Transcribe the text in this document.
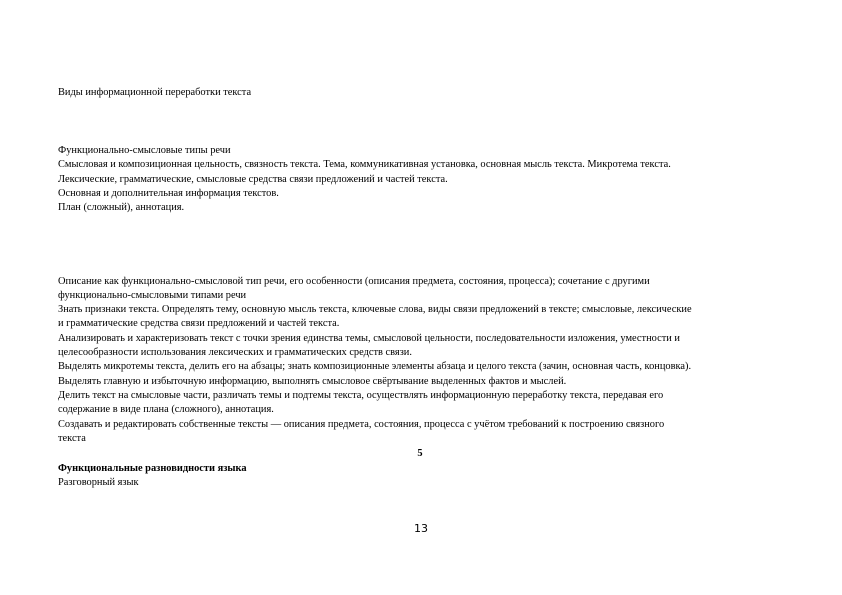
Виды информационной переработки текста
Функционально-смысловые типы речи
Смысловая и композиционная цельность, связность текста. Тема, коммуникативная установка, основная мысль текста. Микротема текста.
Лексические, грамматические, смысловые средства связи предложений и частей текста.
Основная и дополнительная информация текстов.
План (сложный), аннотация.
Описание как функционально-смысловой тип речи, его особенности (описания предмета, состояния, процесса); сочетание с другими
функционально-смысловыми типами речи
Знать признаки текста. Определять тему, основную мысль текста, ключевые слова, виды связи предложений в тексте; смысловые, лексические
и грамматические средства связи предложений и частей текста.
Анализировать и характеризовать текст с точки зрения единства темы, смысловой цельности, последовательности изложения, уместности и
целесообразности использования лексических и грамматических средств связи.
Выделять микротемы текста, делить его на абзацы; знать композиционные элементы абзаца и целого текста (зачин, основная часть, концовка).
Выделять главную и избыточную информацию, выполнять смысловое свёртывание выделенных фактов и мыслей.
Делить текст на смысловые части, различать темы и подтемы текста, осуществлять информационную переработку текста, передавая его
содержание в виде плана (сложного), аннотация.
Создавать и редактировать собственные тексты — описания предмета, состояния, процесса с учётом требований к построению связного
текста
5
Функциональные разновидности языка
Разговорный язык
13
